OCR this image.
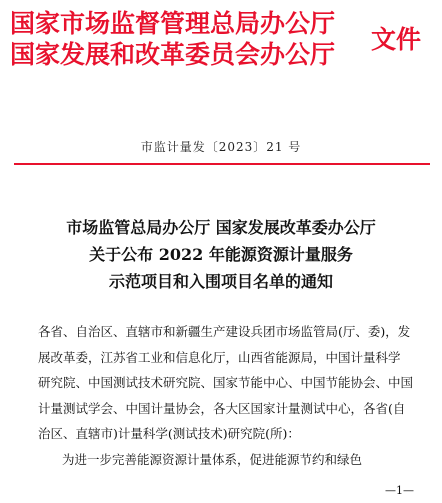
国家市场监督管理总局办公厅
国家发展和改革委员会办公厅
文件
市监计量发〔2023〕21 号
市场监管总局办公厅 国家发展改革委办公厅
关于公布 2022 年能源资源计量服务
示范项目和入围项目名单的通知

各省、自治区、直辖市和新疆生产建设兵团市场监管局(厅、委)，发
展改革委，江苏省工业和信息化厅，山西省能源局，中国计量科学
研究院、中国测试技术研究院、国家节能中心、中国节能协会、中国
计量测试学会、中国计量协会，各大区国家计量测试中心，各省(自
治区、直辖市)计量科学(测试技术)研究院(所)：

为进一步完善能源资源计量体系，促进能源节约和绿色

—1—
